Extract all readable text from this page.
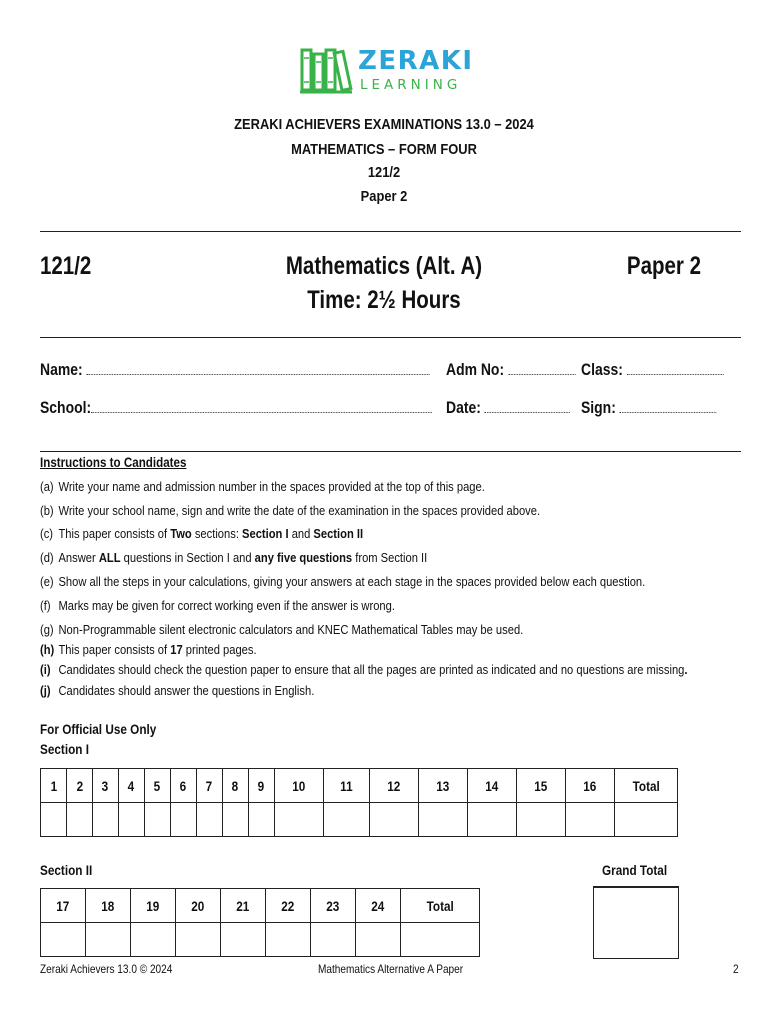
ZERAKI
LEARNING
ZERAKI ACHIEVERS EXAMINATIONS 13.0 – 2024
MATHEMATICS – FORM FOUR
121/2
Paper 2
121/2	Mathematics (Alt. A)
Time: 2½ Hours
Paper 2
Name:	Adm No:	Class:
School:	Date:	Sign:
Instructions to Candidates
(a) Write your name and admission number in the spaces provided at the top of this page.
(b) Write your school name, sign and write the date of the examination in the spaces provided above.
(c) This paper consists of Two sections: Section I and Section II
(d) Answer ALL questions in Section I and any five questions from Section II
(e) Show all the steps in your calculations, giving your answers at each stage in the spaces provided below each question.
(f) Marks may be given for correct working even if the answer is wrong.
(g) Non-Programmable silent electronic calculators and KNEC Mathematical Tables may be used.
(h) This paper consists of 17 printed pages.
(i) Candidates should check the question paper to ensure that all the pages are printed as indicated and no questions are missing.
(j) Candidates should answer the questions in English.
For Official Use Only
Section I
1	2	3	4	5	6	7	8	9	10	11	12	13	14	15	16	Total

Section II	Grand Total
17	18	19	20	21	22	23	24	Total

Zeraki Achievers 13.0 © 2024	Mathematics Alternative A Paper	2
